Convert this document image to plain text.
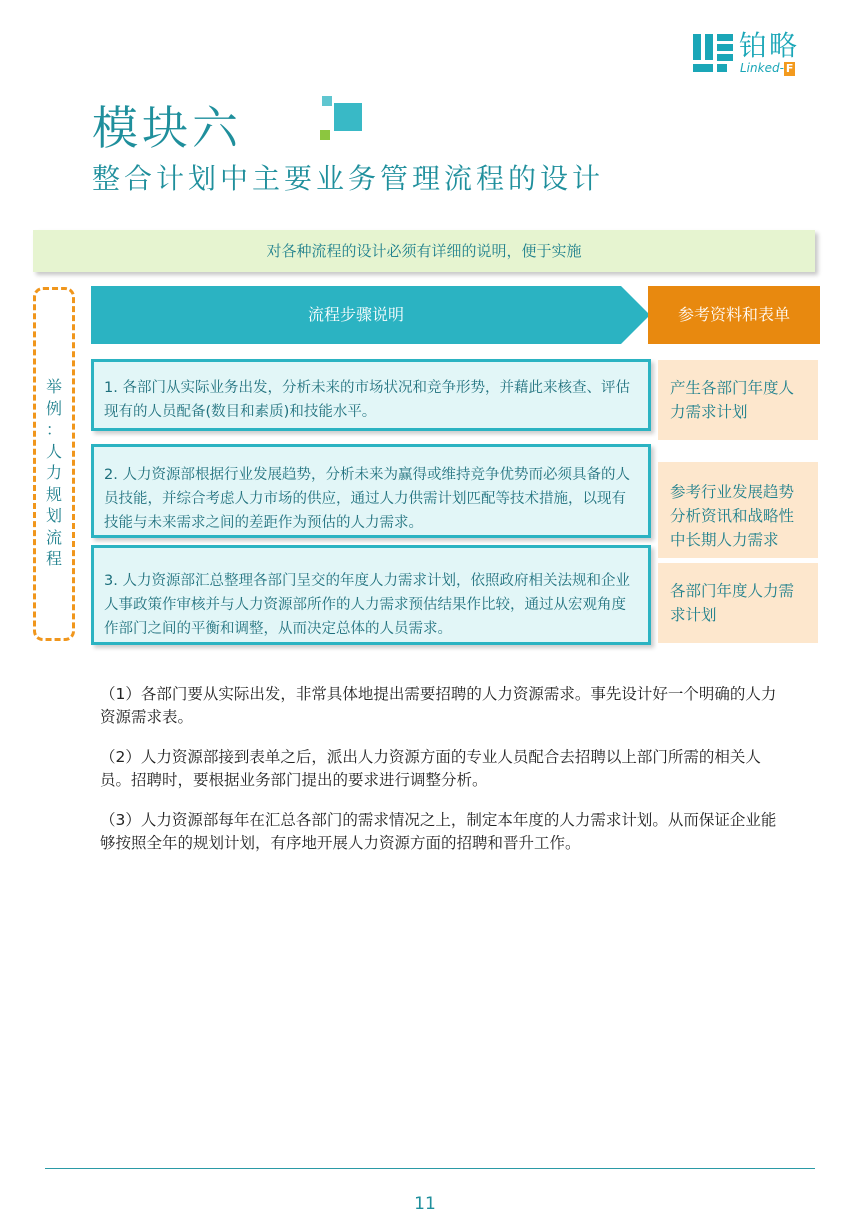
铂略
Linked- F
模块六
整合计划中主要业务管理流程的设计
对各种流程的设计必须有详细的说明，便于实施
举
例
：
人
力
规
划
流
程
流程步骤说明	参考资料和表单
1. 各部门从实际业务出发，分析未来的市场状况和竞争形势，并藉此来核查、评估现有的人员配备(数目和素质)和技能水平。
2. 人力资源部根据行业发展趋势，分析未来为赢得或维持竞争优势而必须具备的人员技能，并综合考虑人力市场的供应，通过人力供需计划匹配等技术措施，以现有技能与未来需求之间的差距作为预估的人力需求。
3. 人力资源部汇总整理各部门呈交的年度人力需求计划，依照政府相关法规和企业人事政策作审核并与人力资源部所作的人力需求预估结果作比较，通过从宏观角度作部门之间的平衡和调整，从而决定总体的人员需求。
产生各部门年度人力需求计划
参考行业发展趋势分析资讯和战略性中长期人力需求
各部门年度人力需求计划
（1）各部门要从实际出发，非常具体地提出需要招聘的人力资源需求。事先设计好一个明确的人力资源需求表。
（2）人力资源部接到表单之后，派出人力资源方面的专业人员配合去招聘以上部门所需的相关人员。招聘时，要根据业务部门提出的要求进行调整分析。
（3）人力资源部每年在汇总各部门的需求情况之上，制定本年度的人力需求计划。从而保证企业能够按照全年的规划计划，有序地开展人力资源方面的招聘和晋升工作。
11
